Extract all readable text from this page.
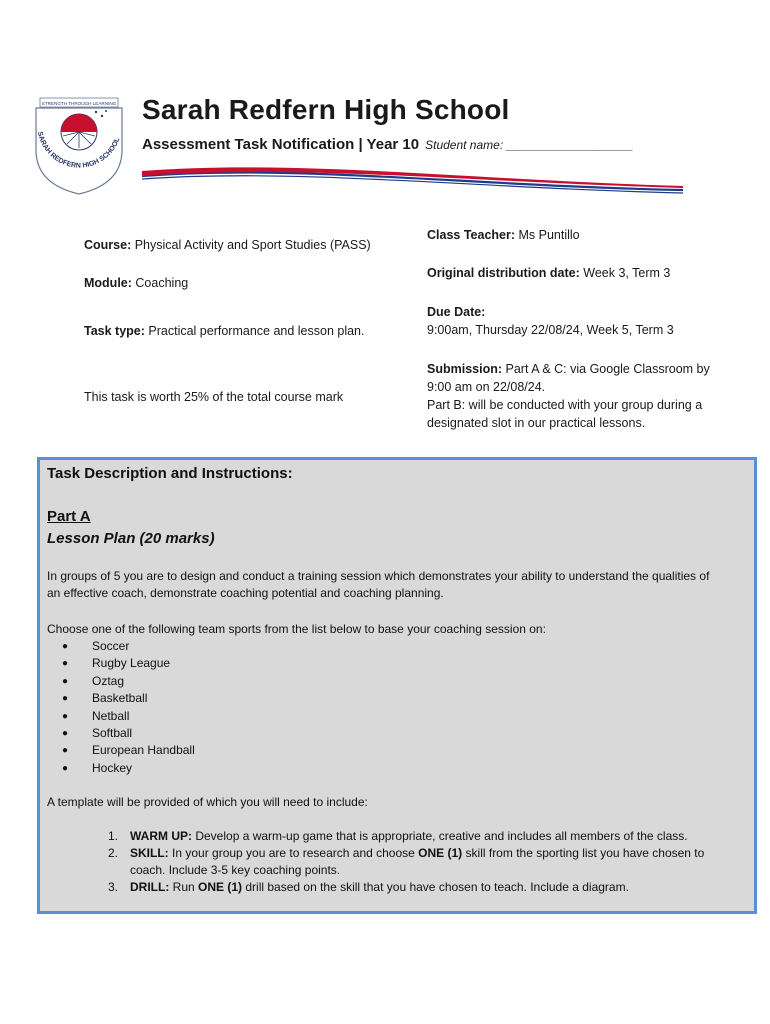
STRENGTH THROUGH LEARNING
SARAH REDFERN HIGH SCHOOL
Sarah Redfern High School
Assessment Task Notification | Year 10 Student name: ___________________
Course: Physical Activity and Sport Studies (PASS)
Module: Coaching
Task type: Practical performance and lesson plan.
This task is worth 25% of the total course mark
Class Teacher: Ms Puntillo
Original distribution date: Week 3, Term 3
Due Date:
9:00am, Thursday 22/08/24, Week 5, Term 3
Submission: Part A & C: via Google Classroom by
9:00 am on 22/08/24.
Part B: will be conducted with your group during a
designated slot in our practical lessons.
Task Description and Instructions:
Part A
Lesson Plan (20 marks)
In groups of 5 you are to design and conduct a training session which demonstrates your ability to understand the qualities of
an effective coach, demonstrate coaching potential and coaching planning.
Choose one of the following team sports from the list below to base your coaching session on:
● Soccer
● Rugby League
● Oztag
● Basketball
● Netball
● Softball
● European Handball
● Hockey
A template will be provided of which you will need to include:
1. WARM UP: Develop a warm-up game that is appropriate, creative and includes all members of the class.
2. SKILL: In your group you are to research and choose ONE (1) skill from the sporting list you have chosen to coach. Include 3-5 key coaching points.
3. DRILL: Run ONE (1) drill based on the skill that you have chosen to teach. Include a diagram.
